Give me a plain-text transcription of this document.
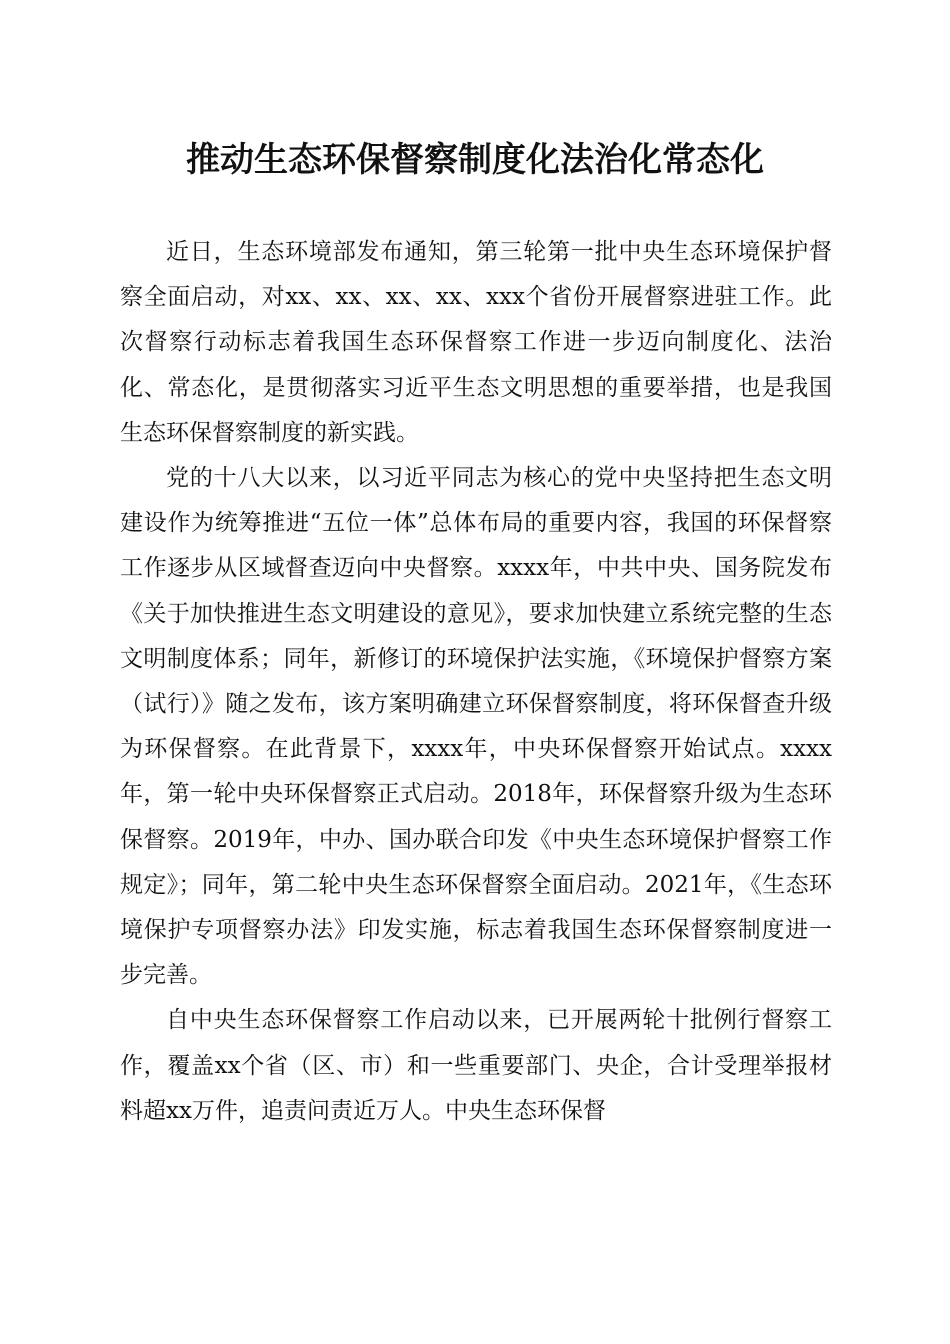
推动生态环保督察制度化法治化常态化

近日，生态环境部发布通知，第三轮第一批中央生态环境保护督察全面启动，对xx、xx、xx、xx、xxx个省份开展督察进驻工作。此次督察行动标志着我国生态环保督察工作进一步迈向制度化、法治化、常态化，是贯彻落实习近平生态文明思想的重要举措，也是我国生态环保督察制度的新实践。

党的十八大以来，以习近平同志为核心的党中央坚持把生态文明建设作为统筹推进“五位一体”总体布局的重要内容，我国的环保督察工作逐步从区域督查迈向中央督察。xxxx年，中共中央、国务院发布《关于加快推进生态文明建设的意见》，要求加快建立系统完整的生态文明制度体系；同年，新修订的环境保护法实施，《环境保护督察方案（试行）》随之发布，该方案明确建立环保督察制度，将环保督查升级为环保督察。在此背景下，xxxx年，中央环保督察开始试点。xxxx年，第一轮中央环保督察正式启动。2018年，环保督察升级为生态环保督察。2019年，中办、国办联合印发《中央生态环境保护督察工作规定》；同年，第二轮中央生态环保督察全面启动。2021年，《生态环境保护专项督察办法》印发实施，标志着我国生态环保督察制度进一步完善。

自中央生态环保督察工作启动以来，已开展两轮十批例行督察工作，覆盖xx个省（区、市）和一些重要部门、央企，合计受理举报材料超xx万件，追责问责近万人。中央生态环保督
